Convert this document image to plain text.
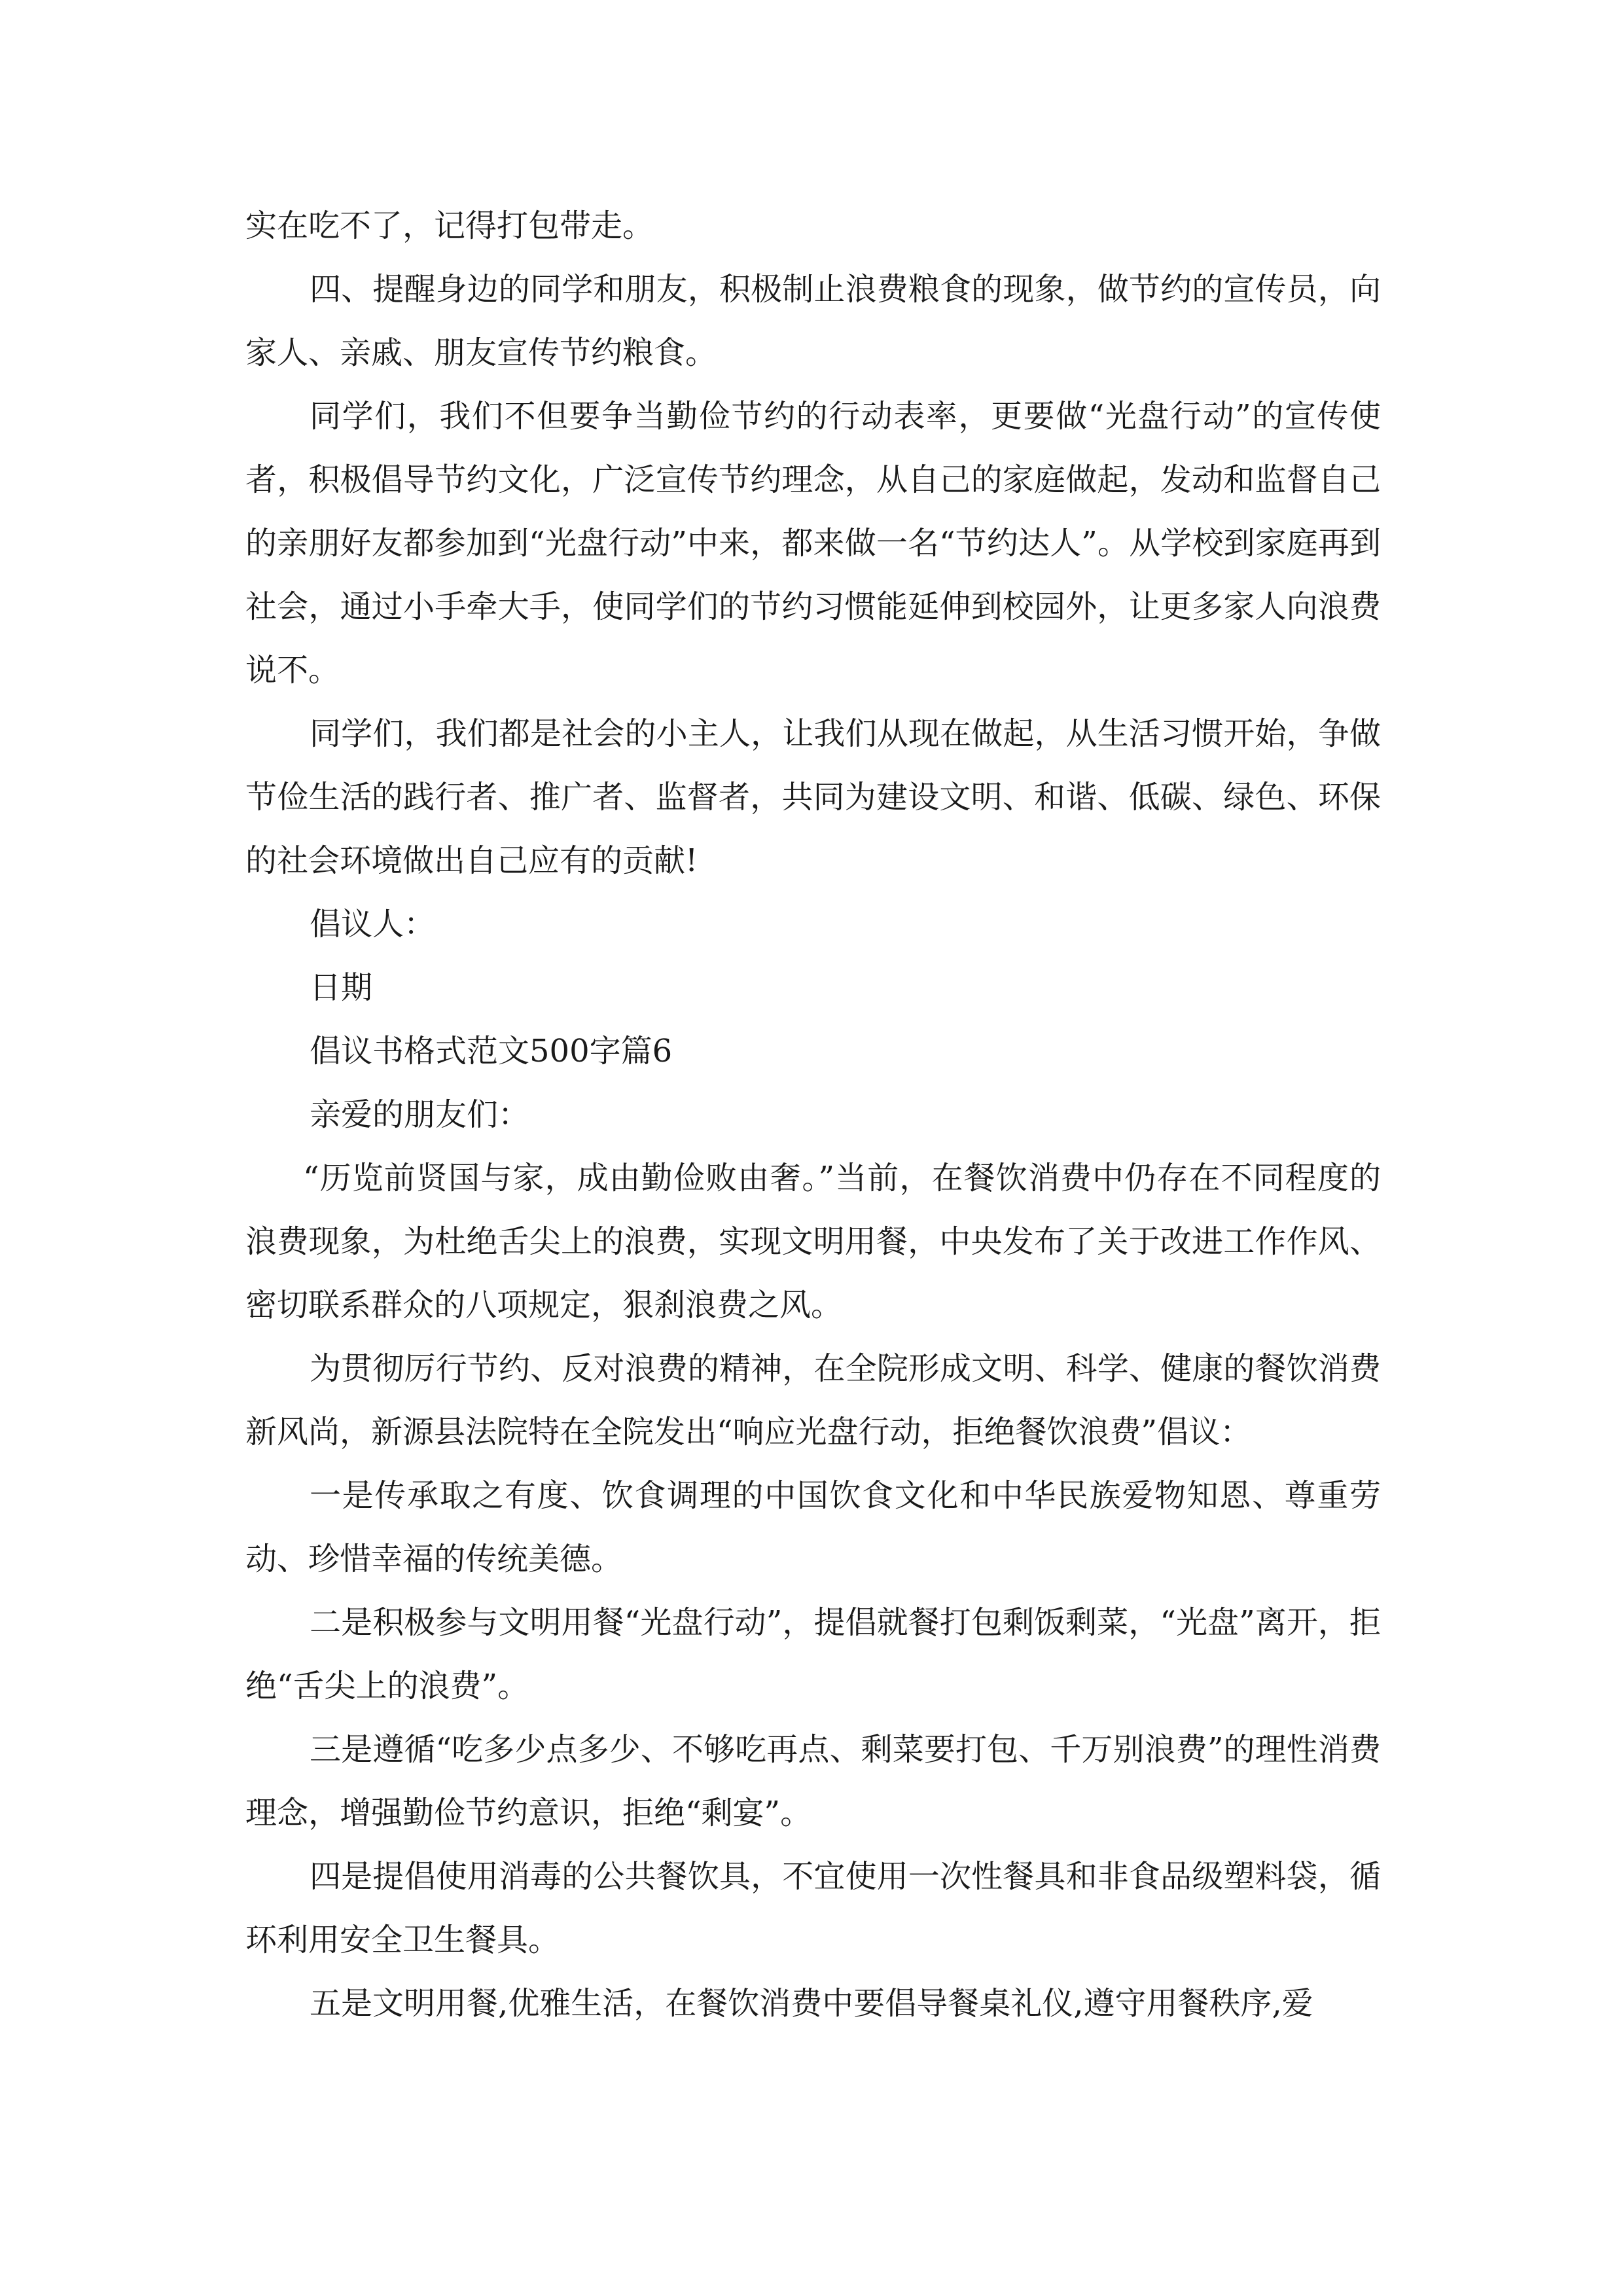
实在吃不了，记得打包带走。

四、提醒身边的同学和朋友，积极制止浪费粮食的现象，做节约的宣传员，向家人、亲戚、朋友宣传节约粮食。

同学们，我们不但要争当勤俭节约的行动表率，更要做“光盘行动”的宣传使者，积极倡导节约文化，广泛宣传节约理念，从自己的家庭做起，发动和监督自己的亲朋好友都参加到“光盘行动”中来，都来做一名“节约达人”。从学校到家庭再到社会，通过小手牵大手，使同学们的节约习惯能延伸到校园外，让更多家人向浪费说不。

同学们，我们都是社会的小主人，让我们从现在做起，从生活习惯开始，争做节俭生活的践行者、推广者、监督者，共同为建设文明、和谐、低碳、绿色、环保的社会环境做出自己应有的贡献!

倡议人：

日期

倡议书格式范文500字篇6

亲爱的朋友们：

“历览前贤国与家，成由勤俭败由奢。”当前，在餐饮消费中仍存在不同程度的浪费现象，为杜绝舌尖上的浪费，实现文明用餐，中央发布了关于改进工作作风、密切联系群众的八项规定，狠刹浪费之风。

为贯彻厉行节约、反对浪费的精神，在全院形成文明、科学、健康的餐饮消费新风尚，新源县法院特在全院发出“响应光盘行动，拒绝餐饮浪费”倡议：

一是传承取之有度、饮食调理的中国饮食文化和中华民族爱物知恩、尊重劳动、珍惜幸福的传统美德。

二是积极参与文明用餐“光盘行动”，提倡就餐打包剩饭剩菜，“光盘”离开，拒绝“舌尖上的浪费”。

三是遵循“吃多少点多少、不够吃再点、剩菜要打包、千万别浪费”的理性消费理念，增强勤俭节约意识，拒绝“剩宴”。

四是提倡使用消毒的公共餐饮具，不宜使用一次性餐具和非食品级塑料袋，循环利用安全卫生餐具。

五是文明用餐,优雅生活，在餐饮消费中要倡导餐桌礼仪,遵守用餐秩序,爱
